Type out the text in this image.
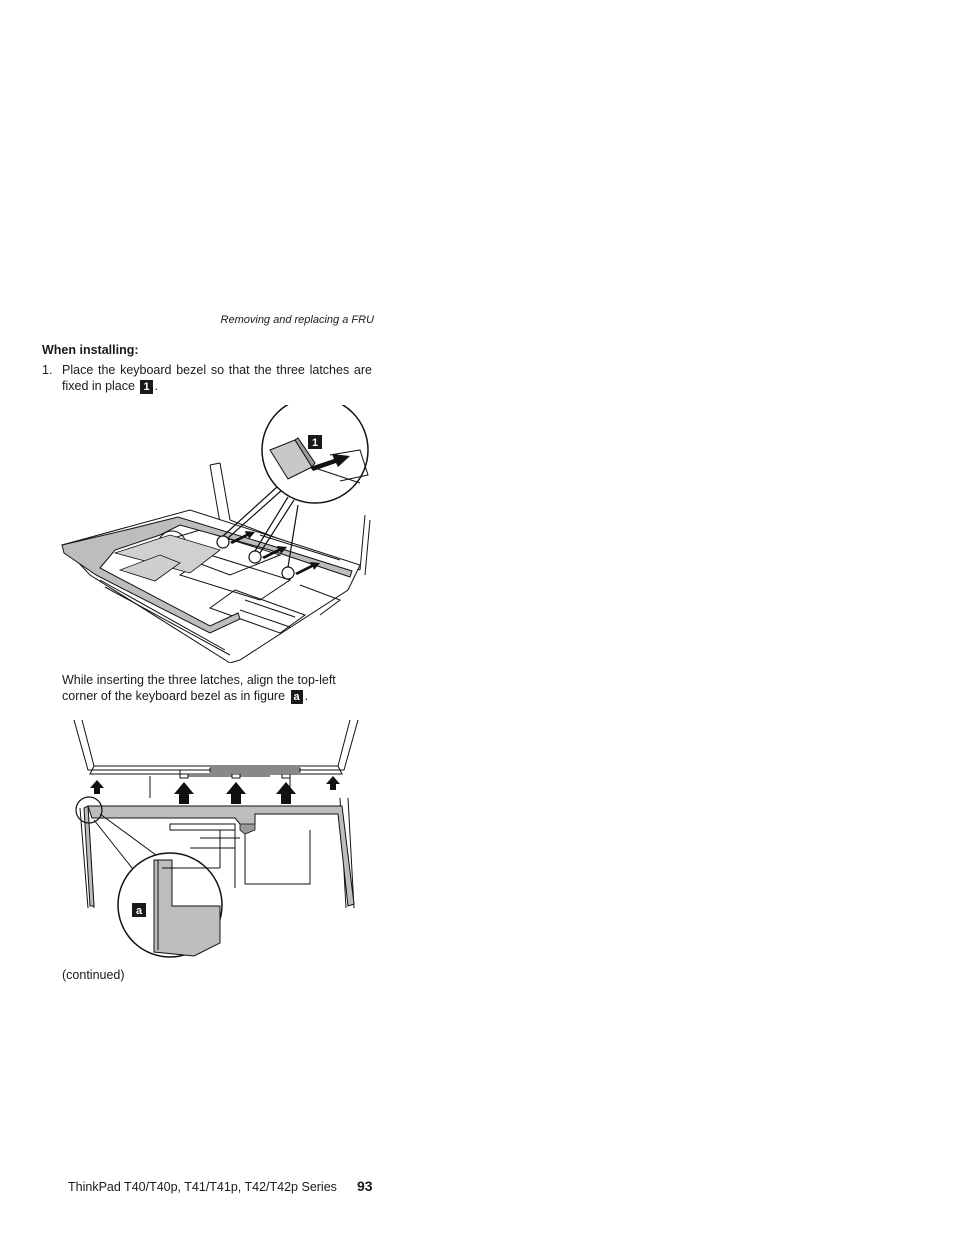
Removing and replacing a FRU
When installing:
1. Place the keyboard bezel so that the three latches are fixed in place 1 .
1
While inserting the three latches, align the top-left corner of the keyboard bezel as in figure a .
a
(continued)
ThinkPad T40/T40p, T41/T41p, T42/T42p Series 93
